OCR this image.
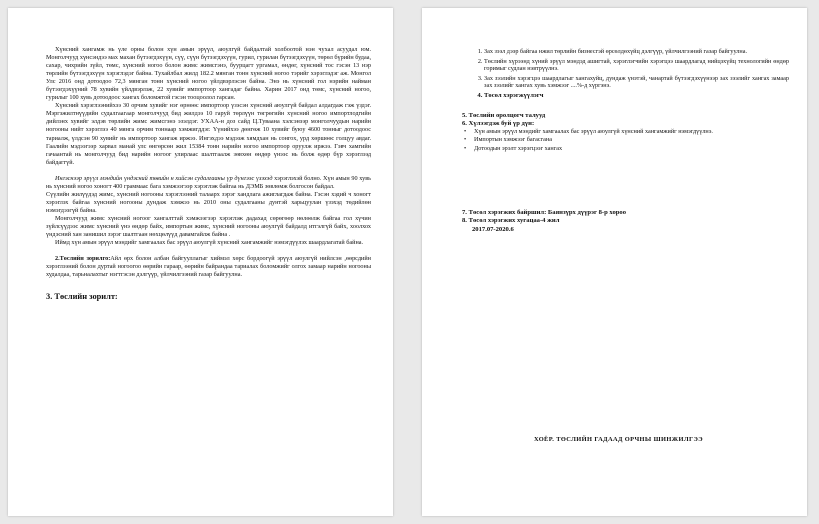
Хүнсний хангамж нь үле орны болон хүн амын эрүүл, аюулгүй байдалтай холбоотой нэн чухал асуудал юм. Монголчууд хүнсэндээ мах махан бүтээгдэхүүн, сүү, сүүн бүтээгдэхүүн, гурил, гурилан бүтээгдэхүүн, төрөл бүрийн будаа, сахар, чихрийн зүйл, төмс, хүнсний ногоо болон жимс жимсгэнэ, буурцагт ургамал, өндөг, хүнсний тос гэсэн 13 нэр төрлийн бүтээгдэхүүн хэрэглэдэг байна. Тухайлбал жилд 182.2 мянган тонн хүнсний ногоо тэрийг хэрэглэдэг аж. Монгол Улс 2016 онд дотоодоо 72,3 мянган тонн хүнсний ногоо үйлдвэрлэсэн байна. Энэ нь хүнсний гол нэрийн найман бүтээгдэхүүний 78 хувийн үйлдвэрлэж, 22 хувийг импортоор хангадаг байна. Харин 2017 онд төмс, хүнсний ногоо, гурилыг 100 хувь дотоодоос хангах боломжтой гэсэн тооцоолол гарсан.

Хүнсний хэрэглээнийхээ 30 орчим хувийг нэг өрнөөс импортоор үзэсэн хүнсний аюулгүй байдал алдагдаж гэж үздэг. Мэргэжилтнүүдийн судалгаагаар монголчууд бид жилдээ 10 гаруй төрлүүн төгрөгийн хүнсний ногоо импортлодгийн дийлэнх хувийг элдэв төрлийн жимс жимсгэнэ эзэлдэг. УХАА-н доз сайд Ц.Туваана хэлсэнээр монголчуудын нарийн ногооны нийт хэрэглээ 40 мянга орчим тоннаар хэмжигддэг. Үүнийхээ дөнгөж 10 хувийг буюу 4600 тонныг дотоодоос тариалж, үлдсэн 90 хувийг нь импортоор хангаж иржээ. Ингэхдээ мэдээж хямдхан нь сонгох, урд хөршөөс голцуу авдаг. Гаалийн мэдээгээр харвал манай улс өнгөрсөн жил 15384 тонн нарийн ногоо импортоор оруулж иржээ. Гэвч хамгийн гачаантай нь монголчууд бид нарийн ногоог улирлаас шалтгаалж зөвхөн өндөр үнээс нь болж өдөр бүр хэрэглээд байдаггүй.

Ингэснээр эрүүл мэндийн үндэсний төвийн н хийсэн судалгааны үр дүнгээс үзэхэд хэрэглэхэй болно. Хүн амын 90 хувь нь хүнсний ногоо хоногт 400 граммаас бага хэмжээгээр хэрэглэж байгаа нь ДЭМБ зөвлөмж болгосон байдал.

Сүүлийн жилүүдэд жимс, хүнсний ногооны хэрэглээний талаарх зэрэг хандлага ажиглагдаж байна. Гэсэн хэдий ч хоногт хэрэглэх байгаа хүнсний ногооны дундаж хэмжээ нь 2010 оны судалгааны дунтэй харьцуулан үзэхэд төдийлөн нэмэгдээгүй байна.

Монголчууд жимс хүнсний ногоог хангалттай хэмжээгээр хэрэглэж дадахад сөрөгөөр нөлөөлж байгаа гол хүчин зүйлсүүдээс жимс хүнсний үнэ өндөр байх, импортын жимс, хүнсний ногооны аюулгүй байдалд итгэлгүй байх, хоолхох үндэсний хан занишил зэрэг шалтгаан нөхцөлүүд давамгайлж байна .

Иймд хүн амын эрүүл мэндийг хамгаалах бас эрүүл аюулгүй хүнсний хангамжийг нэмэгдүүлэх шаардлагатай байна.

2.Төслийн зорилго:Айл өрх болон албан байгууллагыг хиймэл хөрс бордоогүй эрүүл аюулгүй нийлсэн ,өөрсдийн хэрэглээний болон дуртай ногоогоо өөрийн гараар, өөрийн байрандаа тариалах боломжийг олгох замаар нарийн ногооны худалдаа, тарьналахтыг нэгтгэсэн дэлгүүр, үйлчилгээний газар байгуулна.

3. Төслийн зорилт:
1. Зах зээл дээр байгаа нжил төрлийн бизнесгэй өрсөлдөхүйц дэлгүүр, үйлчилгээний газар байгуулна.
2. Төслийн хүрээнд хүний эрүүл мэндэд ашигтай, хэрэглэгчийн хэрэгцээ шаардлагад нийцэхүйц технологийн өндөр горимыг судлан нэвтрүүлнэ.
3. Зах зээлийн хэрэгцээ шаардлагыг хангахуйц, дундаж үнэтэй, чанартай бүтээгдэхүүнээр зах зээлийг хангах замаар зах зээлийг хангах хувь хэмжээг ....%-д хүргэнэ.
4. Төсөл хэрэгжүүлэгч
5. Төслийн оролцогч талууд
6. Хүлээгдэж буй үр дүн:
• Хүн амын эрүүл мэндийг хамгаалах бас эрүүл аюулгүй хүнсний хангамжийг нэмэгдүүлнэ.
• Импортын хэмжээг багасгана
• Дотоодын эрэлт хэрэгцээг хангах
7. Төсөл хэрэгжих байршил: Баянзүрх дүүрэг 8-р хороо
8. Төсөл хэрэгжих хугацаа-4 жил
2017.07-2020.6
ХОЁР. ТӨСЛИЙН ГАДААД ОРЧНЫ ШИНЖИЛГЭЭ
